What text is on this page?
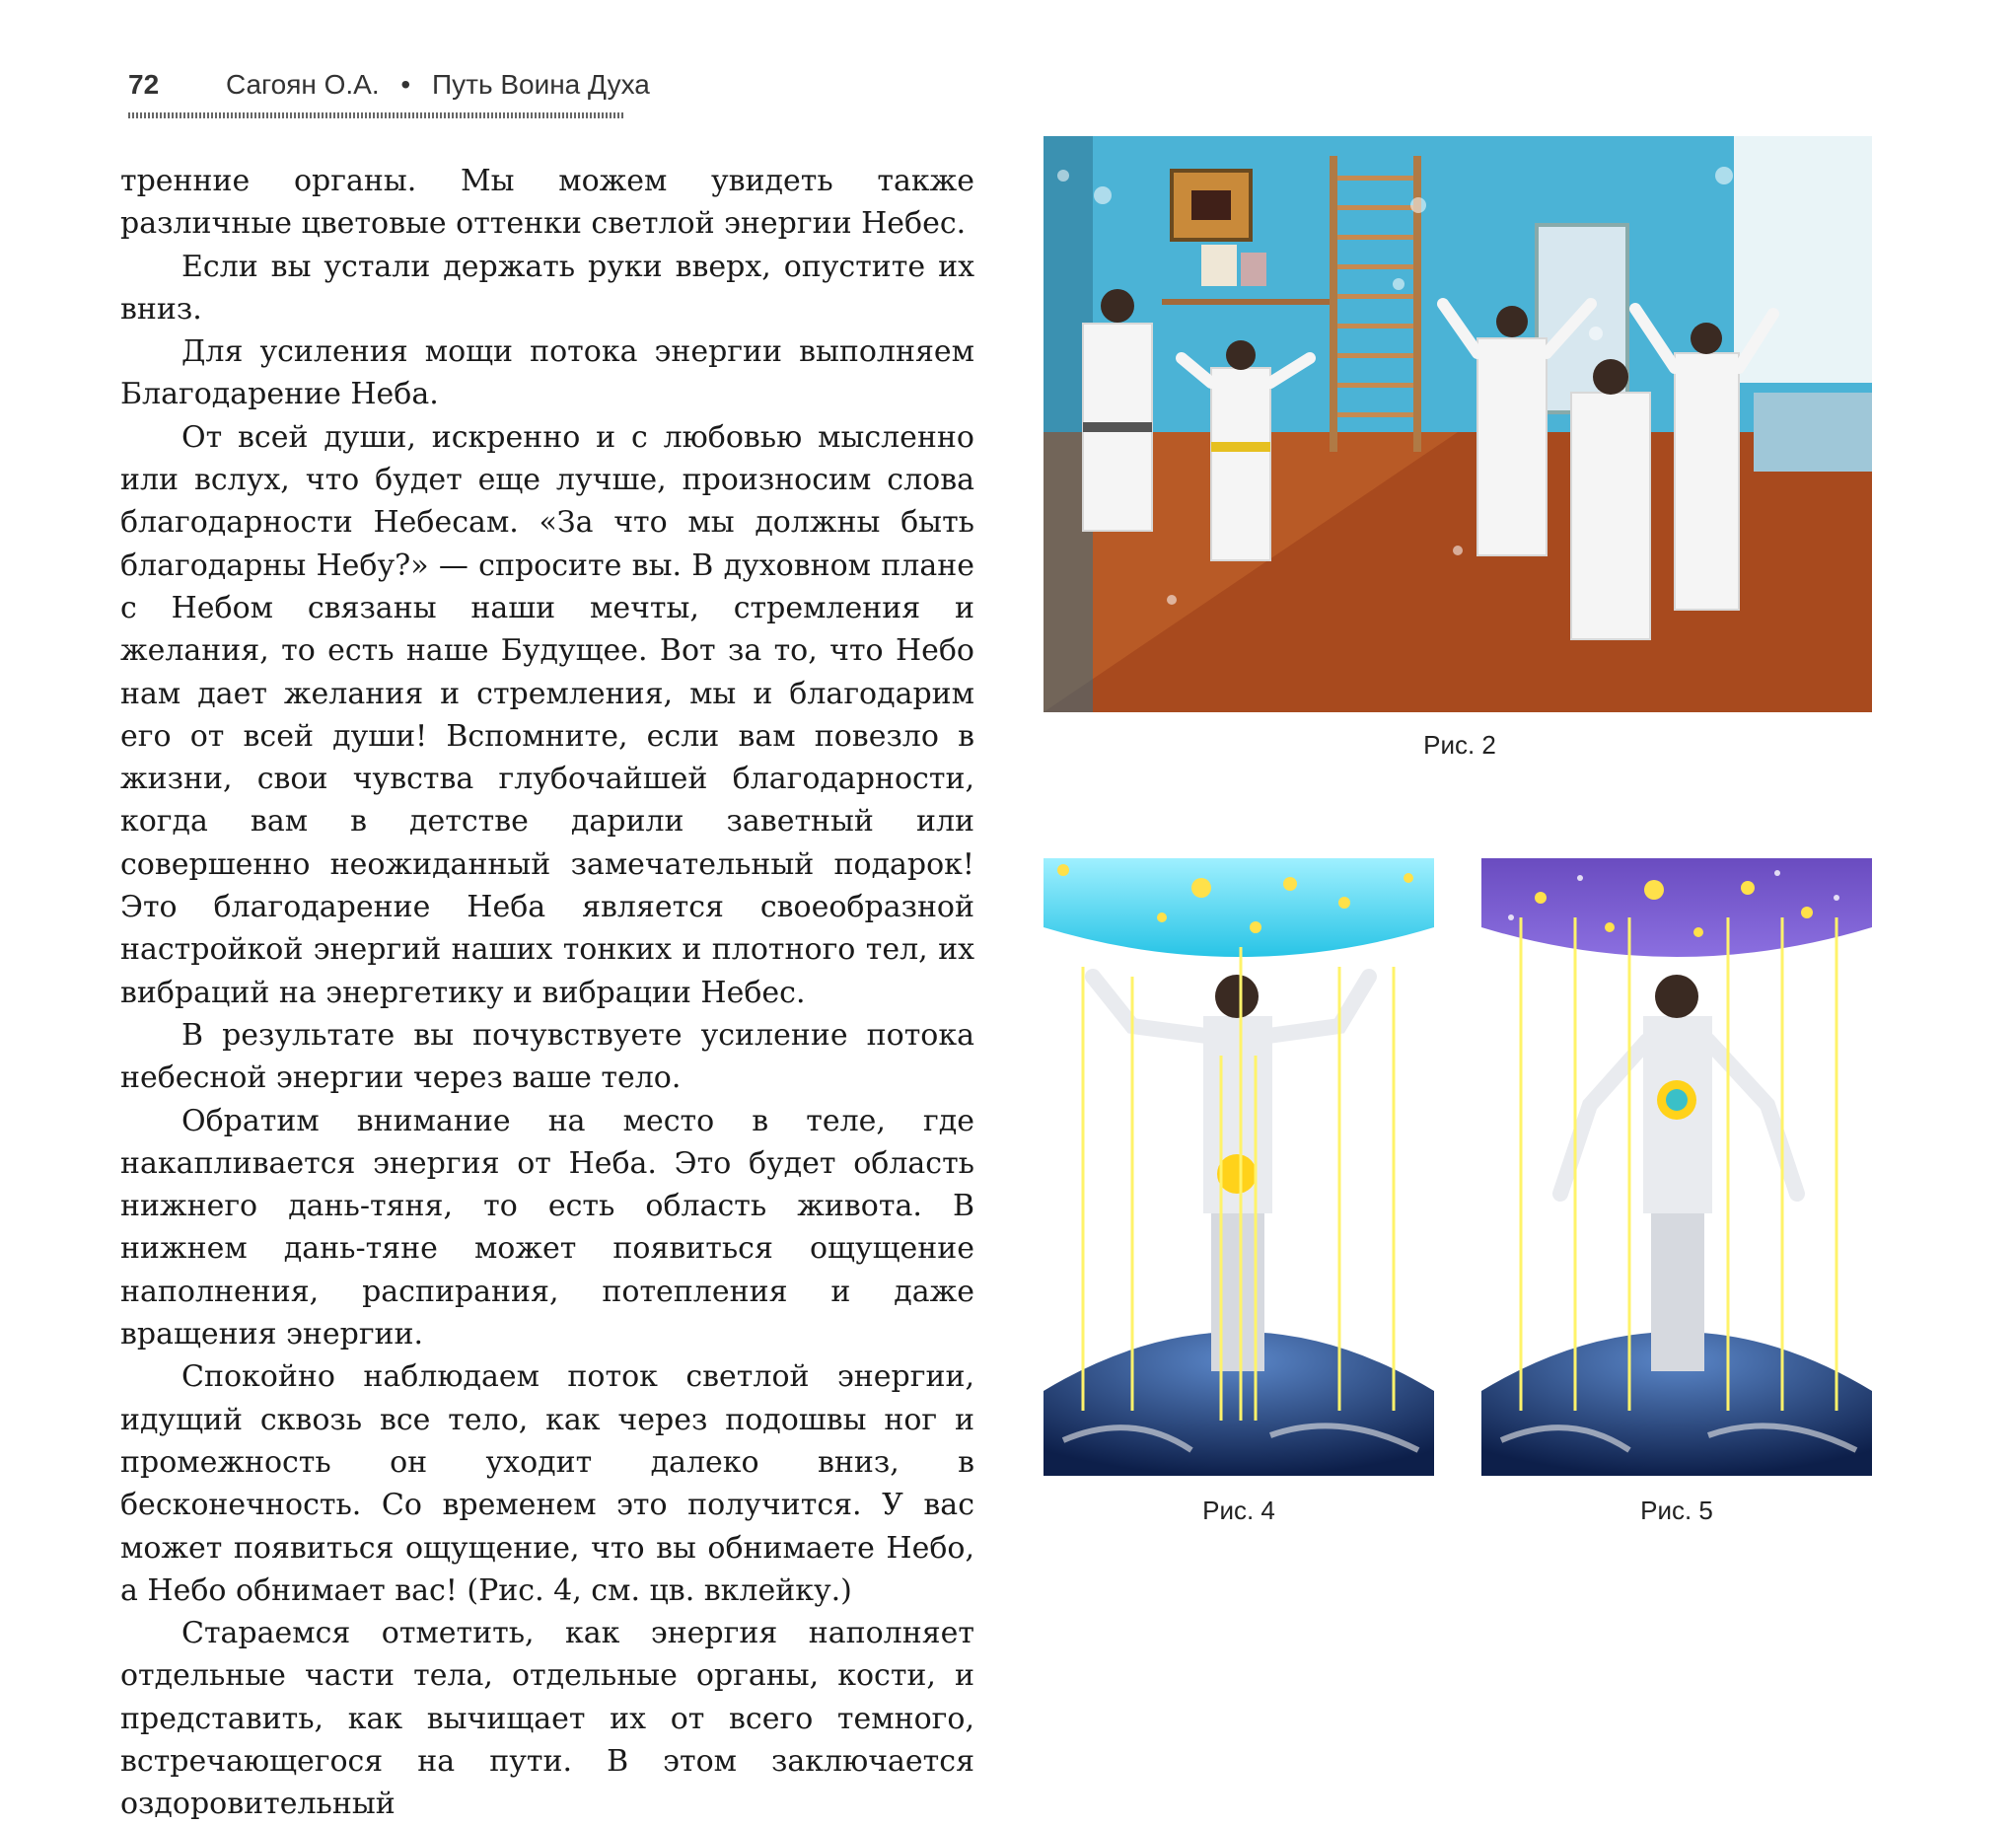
72 Сагоян О.А. • Путь Воина Духа

тренние органы. Мы можем увидеть также различные цветовые оттенки светлой энергии Небес.

Если вы устали держать руки вверх, опустите их вниз.

Для усиления мощи потока энергии выполняем Благодарение Неба.

От всей души, искренно и с любовью мысленно или вслух, что будет еще лучше, произносим слова благодарности Небесам. «За что мы должны быть благодарны Небу?» — спросите вы. В духовном плане с Небом связаны наши мечты, стремления и желания, то есть наше Будущее. Вот за то, что Небо нам дает желания и стремления, мы и благодарим его от всей души! Вспомните, если вам повезло в жизни, свои чувства глубочайшей благодарности, когда вам в детстве дарили заветный или совершенно неожиданный замечательный подарок! Это благодарение Неба является своеобразной настройкой энергий наших тонких и плотного тел, их вибраций на энергетику и вибрации Небес.

В результате вы почувствуете усиление потока небесной энергии через ваше тело.

Обратим внимание на место в теле, где накапливается энергия от Неба. Это будет область нижнего дань-тяня, то есть область живота. В нижнем дань-тяне может появиться ощущение наполнения, распирания, потепления и даже вращения энергии.

Спокойно наблюдаем поток светлой энергии, идущий сквозь все тело, как через подошвы ног и промежность он уходит далеко вниз, в бесконечность. Со временем это получится. У вас может появиться ощущение, что вы обнимаете Небо, а Небо обнимает вас! (Рис. 4, см. цв. вклейку.)

Стараемся отметить, как энергия наполняет отдельные части тела, отдельные органы, кости, и представить, как вычищает их от всего темного, встречающегося на пути. В этом заключается оздоровительный

Рис. 2
Рис. 4	Рис. 5
